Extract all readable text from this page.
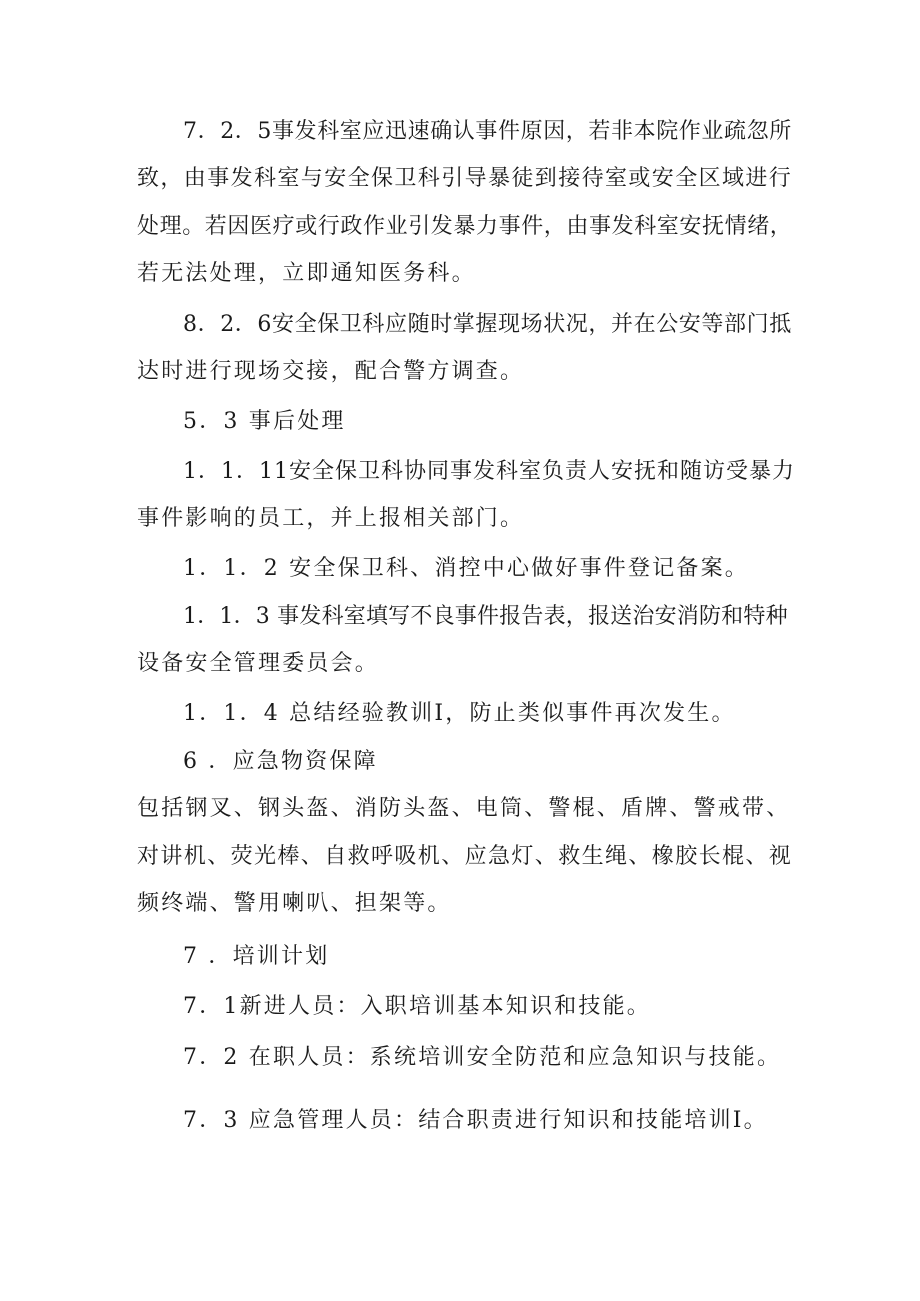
7．2．5事发科室应迅速确认事件原因，若非本院作业疏忽所
致，由事发科室与安全保卫科引导暴徒到接待室或安全区域进行
处理。若因医疗或行政作业引发暴力事件，由事发科室安抚情绪，
若无法处理，立即通知医务科。
8．2．6安全保卫科应随时掌握现场状况，并在公安等部门抵
达时进行现场交接，配合警方调查。
5．3 事后处理
1．1．11安全保卫科协同事发科室负责人安抚和随访受暴力
事件影响的员工，并上报相关部门。
1．1．2 安全保卫科、消控中心做好事件登记备案。
1．1．3 事发科室填写不良事件报告表，报送治安消防和特种
设备安全管理委员会。
1．1．4 总结经验教训I，防止类似事件再次发生。
6 ．应急物资保障
包括钢叉、钢头盔、消防头盔、电筒、警棍、盾牌、警戒带、
对讲机、荧光棒、自救呼吸机、应急灯、救生绳、橡胶长棍、视
频终端、警用喇叭、担架等。
7 ．培训计划
7．1新进人员：入职培训基本知识和技能。
7．2 在职人员：系统培训安全防范和应急知识与技能。
7．3 应急管理人员：结合职责进行知识和技能培训I。
